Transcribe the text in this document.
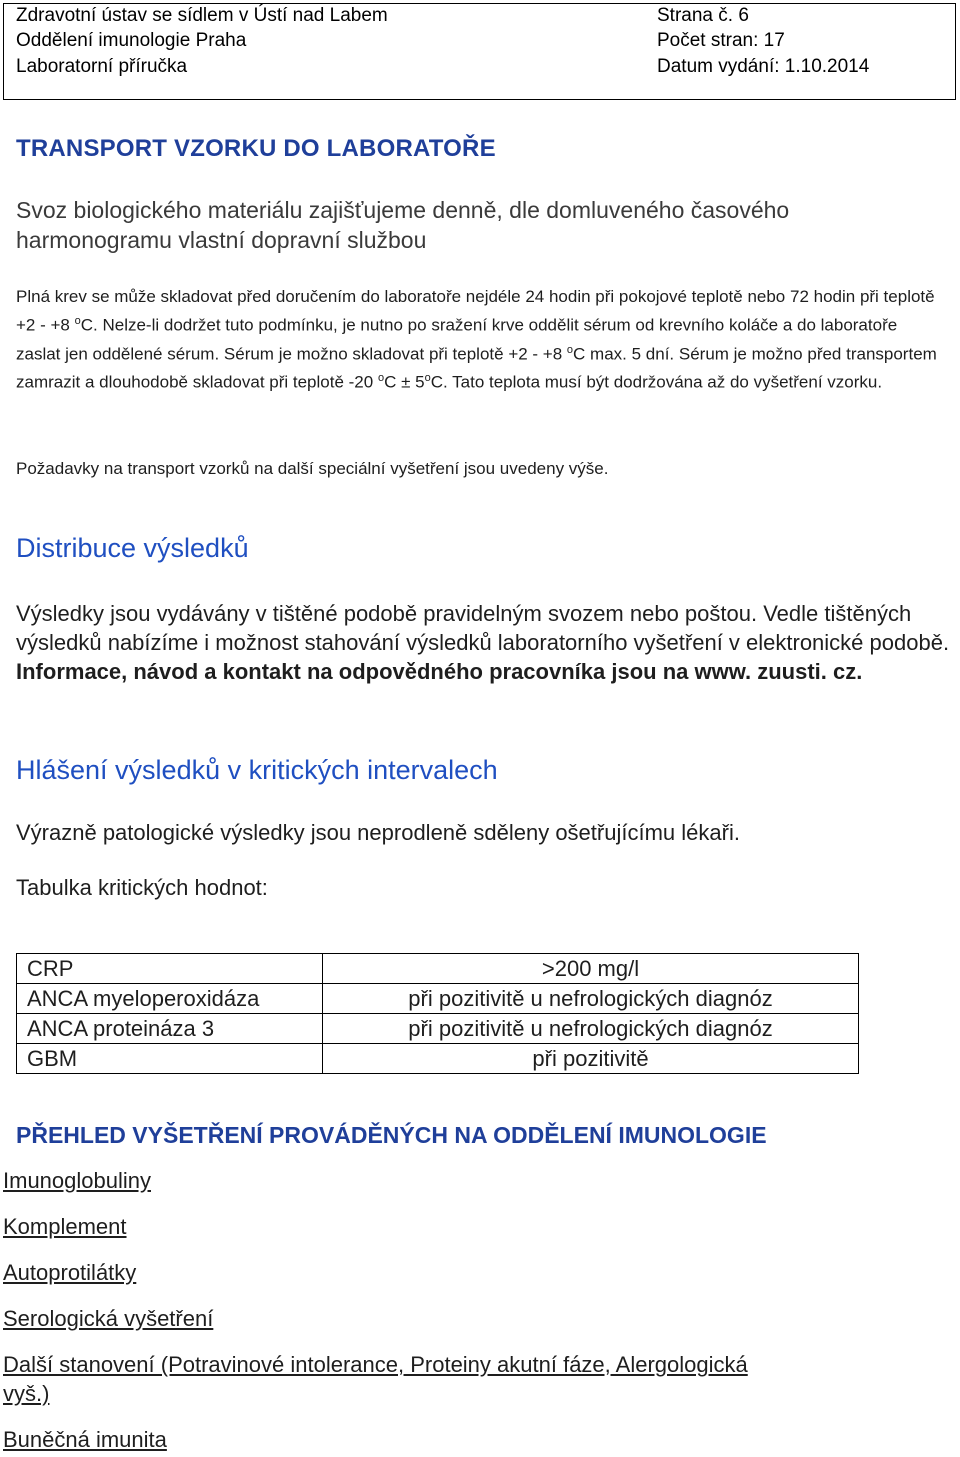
Zdravotní ústav se sídlem v Ústí nad Labem
Oddělení imunologie Praha
Laboratorní příručka
Strana č. 6
Počet stran: 17
Datum vydání: 1.10.2014
TRANSPORT VZORKU DO LABORATOŘE
Svoz biologického materiálu zajišťujeme denně, dle domluveného časového
harmonogramu vlastní dopravní službou
Plná krev se může skladovat před doručením do laboratoře nejdéle 24 hodin při pokojové teplotě nebo 72 hodin při teplotě +2 - +8 $^o$C. Nelze-li dodržet tuto podmínku, je nutno po sražení krve oddělit sérum od krevního koláče a do laboratoře zaslat jen oddělené sérum. Sérum je možno skladovat při teplotě +2 - +8 $^o$C max. 5 dní. Sérum je možno před transportem zamrazit a dlouhodobě skladovat při teplotě -20 $^oC \pm 5^oC$. Tato teplota musí být dodržována až do vyšetření vzorku.
Požadavky na transport vzorků na další speciální vyšetření jsou uvedeny výše.
Distribuce výsledků
Výsledky jsou vydávány v tištěné podobě pravidelným svozem nebo poštou. Vedle tištěných výsledků nabízíme i možnost stahování výsledků laboratorního vyšetření v elektronické podobě. Informace, návod a kontakt na odpovědného pracovníka jsou na www. zuusti. cz.
Hlášení výsledků v kritických intervalech
Výrazně patologické výsledky jsou neprodleně sděleny ošetřujícímu lékaři.
Tabulka kritických hodnot:
CRP	>200 mg/l
ANCA myeloperoxidáza	při pozitivitě u nefrologických diagnóz
ANCA proteináza 3	při pozitivitě u nefrologických diagnóz
GBM	při pozitivitě
PŘEHLED VYŠETŘENÍ PROVÁDĚNÝCH NA ODDĚLENÍ IMUNOLOGIE
Imunoglobuliny
Komplement
Autoprotilátky
Serologická vyšetření
Další stanovení (Potravinové intolerance, Proteiny akutní fáze, Alergologická
vyš.)
Buněčná imunita
